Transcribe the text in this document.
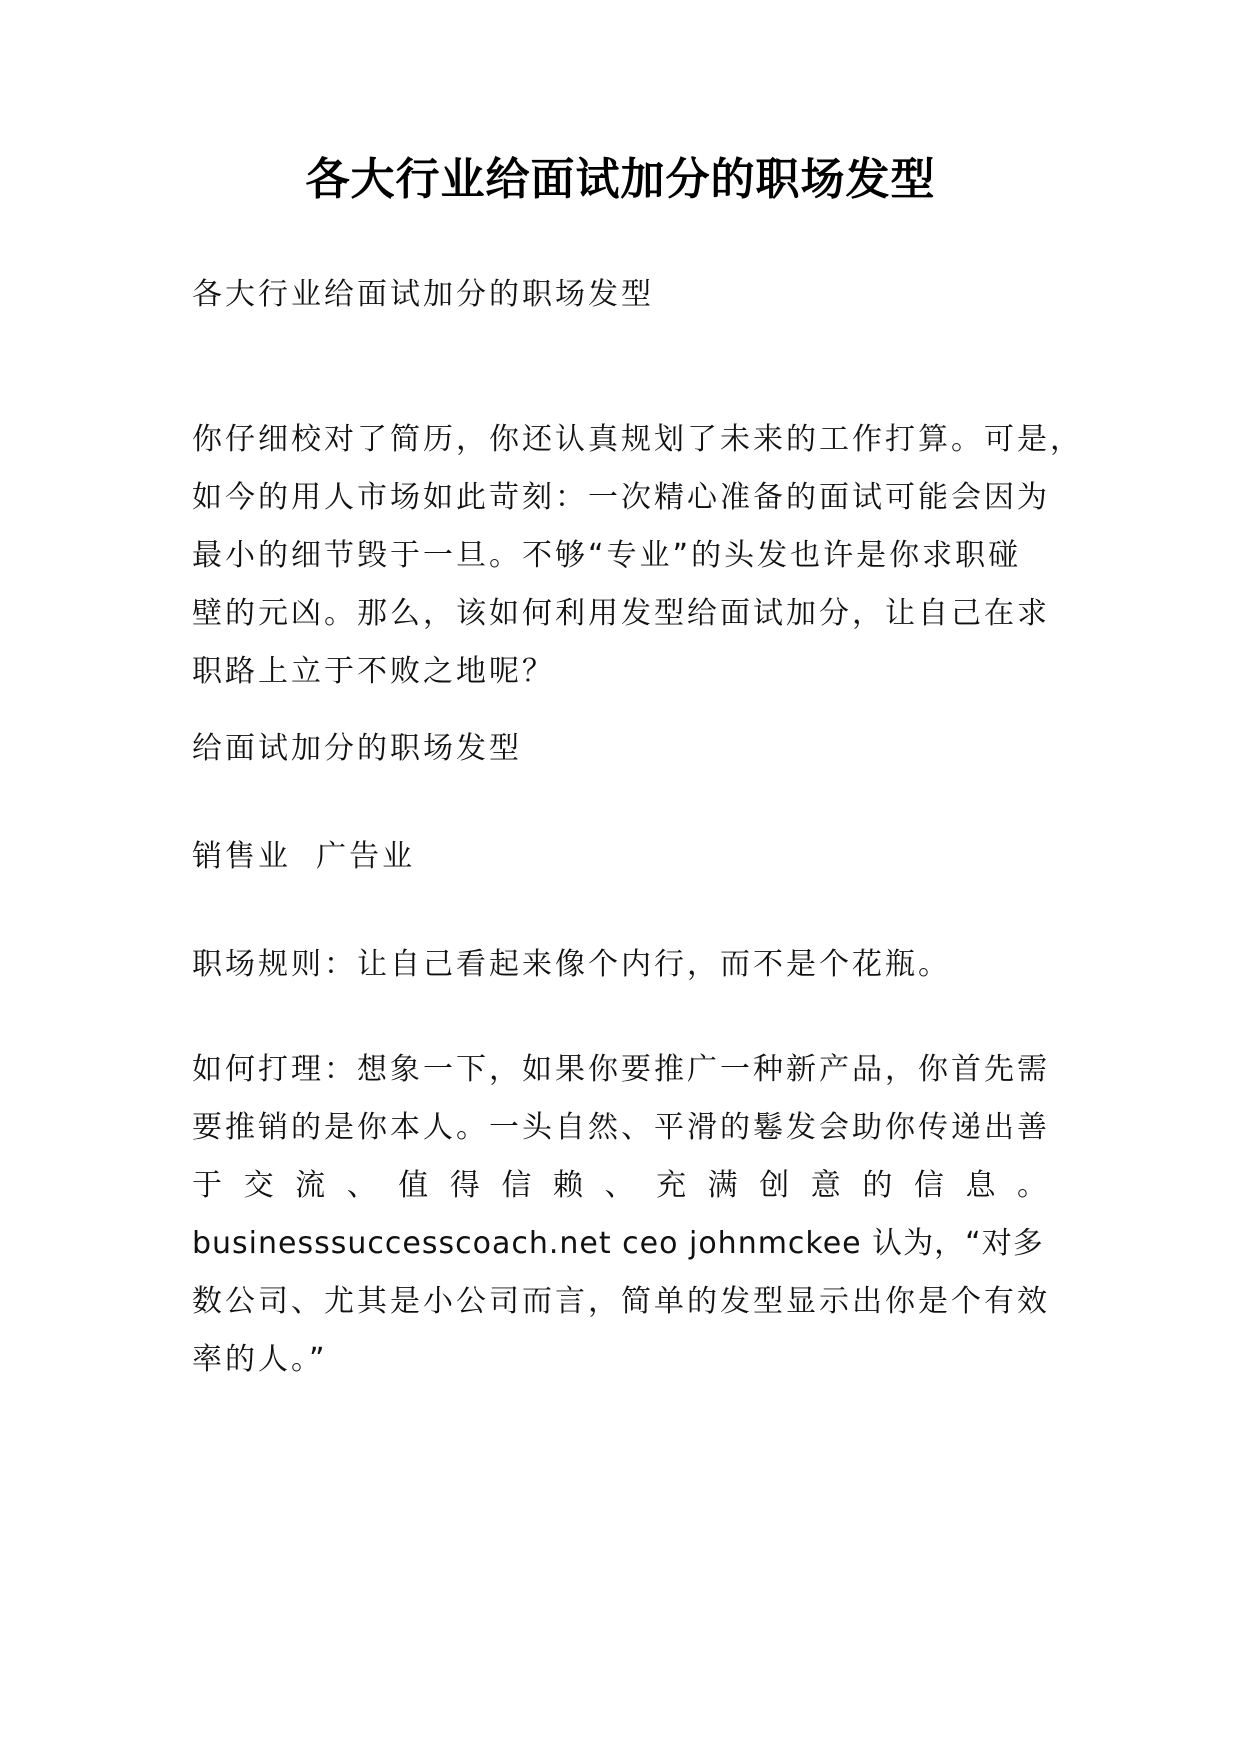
各大行业给面试加分的职场发型
各大行业给面试加分的职场发型
你仔细校对了简历，你还认真规划了未来的工作打算。可是，
如今的用人市场如此苛刻：一次精心准备的面试可能会因为
最小的细节毁于一旦。不够“专业”的头发也许是你求职碰
壁的元凶。那么，该如何利用发型给面试加分，让自己在求
职路上立于不败之地呢？
给面试加分的职场发型
销售业  广告业
职场规则：让自己看起来像个内行，而不是个花瓶。
如何打理：想象一下，如果你要推广一种新产品，你首先需
要推销的是你本人。一头自然、平滑的鬈发会助你传递出善
于 交 流 、 值 得 信 赖 、 充 满 创 意 的 信 息 。
businesssuccesscoach.net ceo johnmckee 认为，“对多
数公司、尤其是小公司而言，简单的发型显示出你是个有效
率的人。”
